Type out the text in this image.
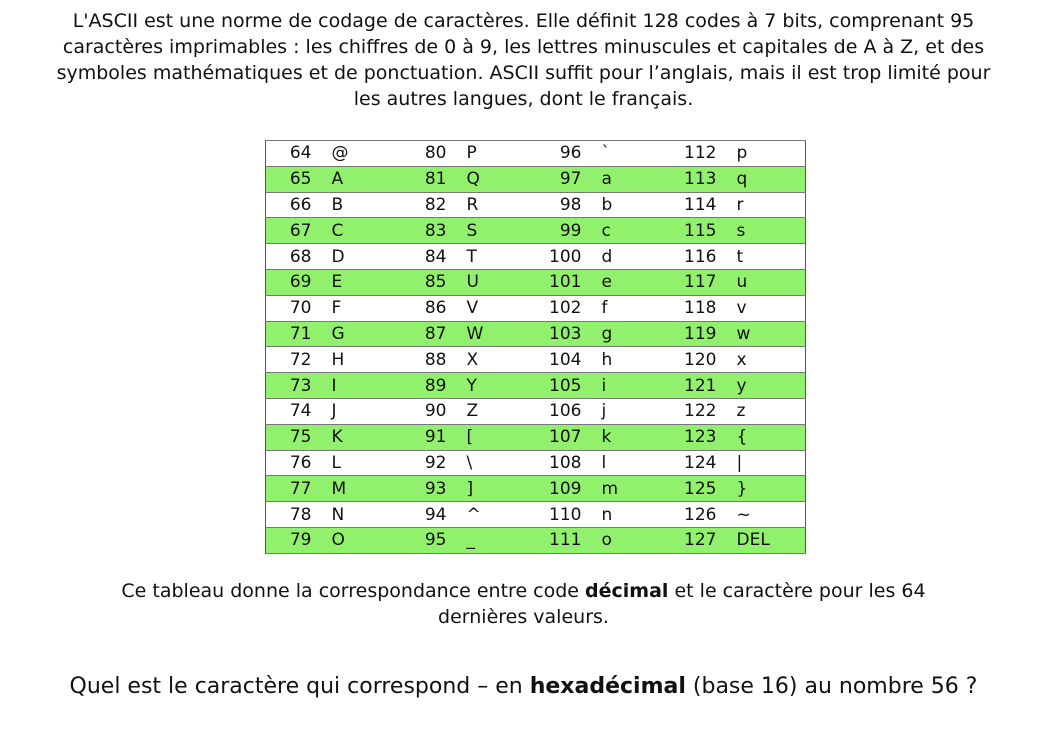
L'ASCII est une norme de codage de caractères. Elle définit 128 codes à 7 bits, comprenant 95
caractères imprimables : les chiffres de 0 à 9, les lettres minuscules et capitales de A à Z, et des
symboles mathématiques et de ponctuation. ASCII suffit pour l’anglais, mais il est trop limité pour
les autres langues, dont le français.
64	@	80	P	96	`	112	p
65	A	81	Q	97	a	113	q
66	B	82	R	98	b	114	r
67	C	83	S	99	c	115	s
68	D	84	T	100	d	116	t
69	E	85	U	101	e	117	u
70	F	86	V	102	f	118	v
71	G	87	W	103	g	119	w
72	H	88	X	104	h	120	x
73	I	89	Y	105	i	121	y
74	J	90	Z	106	j	122	z
75	K	91	[	107	k	123	{
76	L	92	\	108	l	124	|
77	M	93	]	109	m	125	}
78	N	94	^	110	n	126	~
79	O	95	_	111	o	127	DEL
Ce tableau donne la correspondance entre code décimal et le caractère pour les 64
dernières valeurs.
Quel est le caractère qui correspond – en hexadécimal (base 16) au nombre 56 ?
